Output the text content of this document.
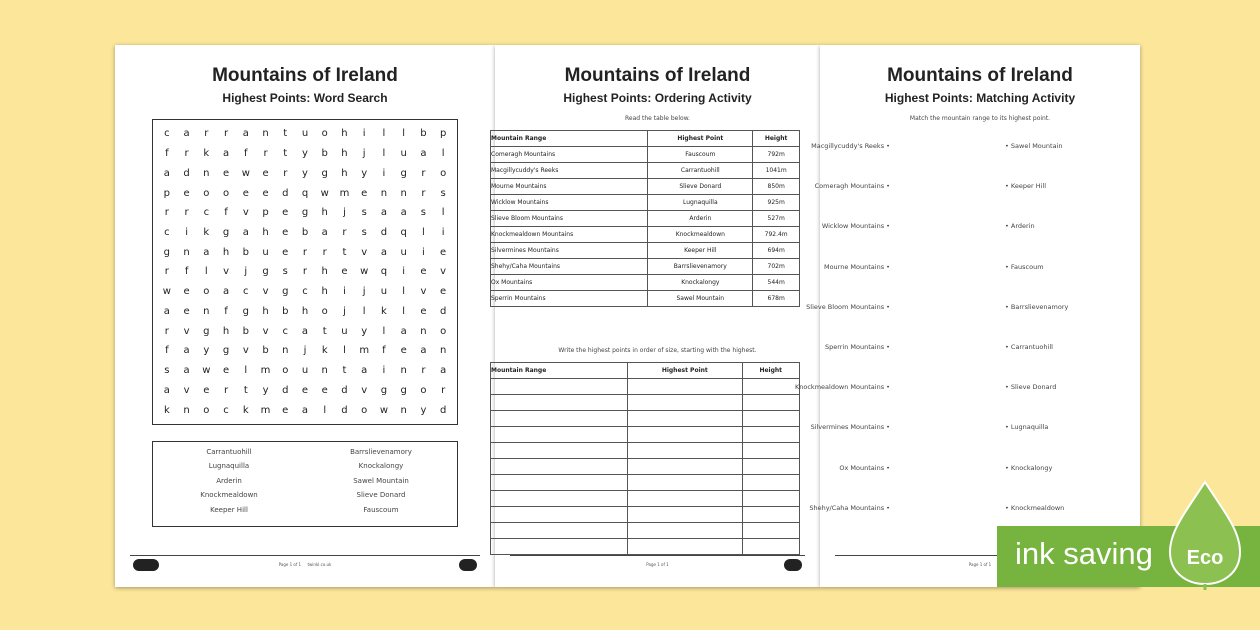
Mountains of Ireland
Highest Points: Word Search
c a r r a n t u o h i l l b p
f r k a f r t y b h j l u a l
a d n e w e r y g h y i g r o
p e o o e e d q w m e n n r s
r r c f v p e g h j s a a s l
c i k g a h e b a r s d q l i
g n a h b u e r r t v a u i e
r f l v j g s r h e w q i e v
w e o a c v g c h i j u l v e
a e n f g h b h o j l k l e d
r v g h b v c a t u y l a n o
f a y g v b n j k l m f e a n
s a w e l m o u n t a i n r a
a v e r t y d e e d v g g o r
k n o c k m e a l d o w n y d
Carrantuohill	Barrslievenamory
Lugnaquilla	Knockalongy
Arderin	Sawel Mountain
Knockmealdown	Slieve Donard
Keeper Hill	Fauscoum
Page 1 of 1 twinkl.co.uk
Mountains of Ireland
Highest Points: Ordering Activity
Read the table below.
Mountain Range	Highest Point	Height
Comeragh Mountains	Fauscoum	792m
Macgillycuddy's Reeks	Carrantuohill	1041m
Mourne Mountains	Slieve Donard	850m
Wicklow Mountains	Lugnaquilla	925m
Slieve Bloom Mountains	Arderin	527m
Knockmealdown Mountains	Knockmealdown	792.4m
Silvermines Mountains	Keeper Hill	694m
Shehy/Caha Mountains	Barrslievenamory	702m
Ox Mountains	Knockalongy	544m
Sperrin Mountains	Sawel Mountain	678m
Write the highest points in order of size, starting with the highest.
Mountain Range	Highest Point	Height

Page 1 of 1
Mountains of Ireland
Highest Points: Matching Activity
Match the mountain range to its highest point.
Macgillycuddy's Reeks •	• Sawel Mountain
Comeragh Mountains •	• Keeper Hill
Wicklow Mountains •	• Arderin
Mourne Mountains •	• Fauscoum
Slieve Bloom Mountains •	• Barrslievenamory
Sperrin Mountains •	• Carrantuohill
Knockmealdown Mountains •	• Slieve Donard
Silvermines Mountains •	• Lugnaquilla
Ox Mountains •	• Knockalongy
Shehy/Caha Mountains •	• Knockmealdown
Page 1 of 1 ink saving Eco
